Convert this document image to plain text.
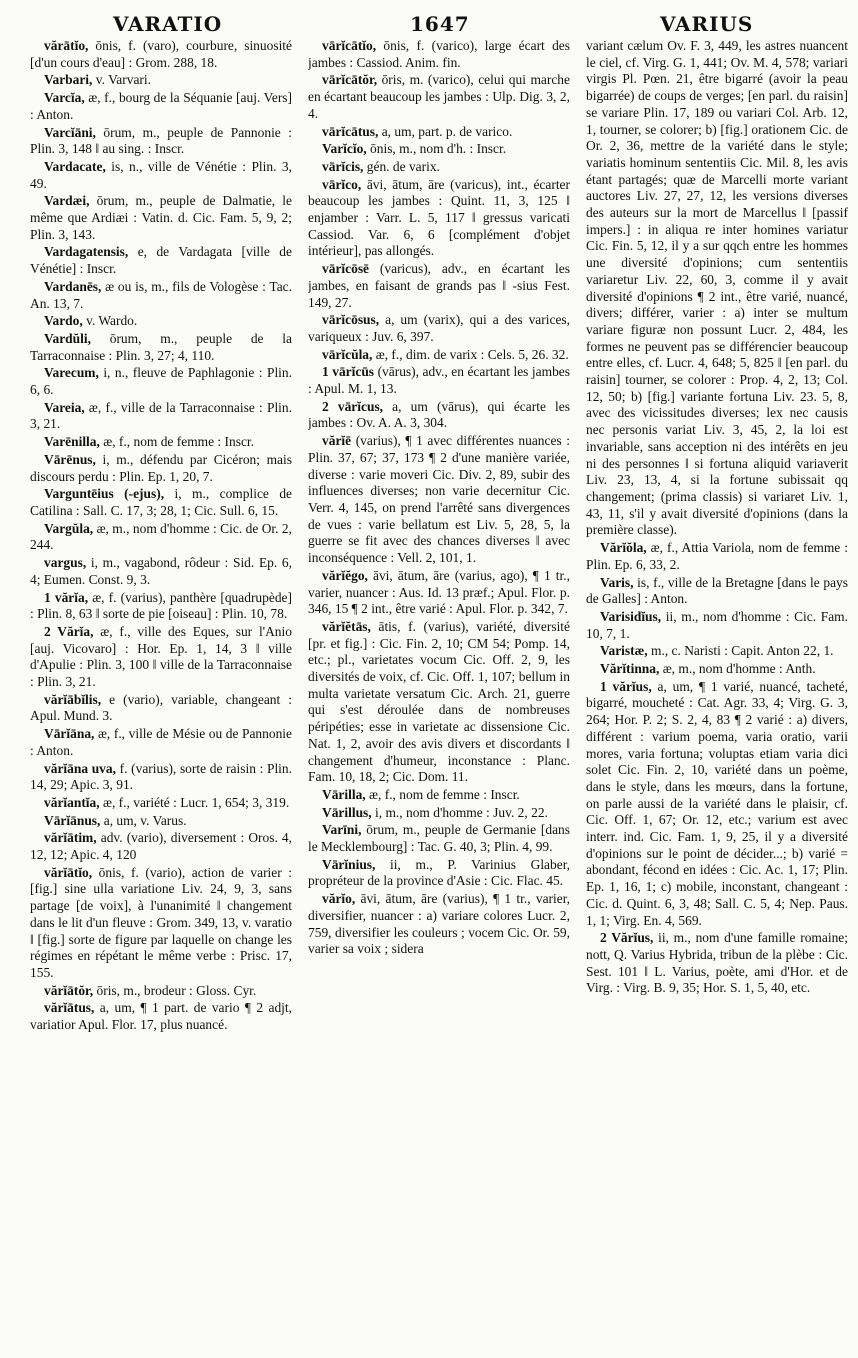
VARATIO	1647	VARIUS

vărātĭo, ōnis, f. (varo), courbure, sinuosité [d'un cours d'eau] : Grom. 288, 18.

Varbari, v. Varvari.

Varcĭa, æ, f., bourg de la Séquanie [auj. Vers] : Anton.

Varcĭāni, ōrum, m., peuple de Pannonie : Plin. 3, 148 ‖ au sing. : Inscr.

Vardacate, is, n., ville de Vénétie : Plin. 3, 49.

Vardæi, ōrum, m., peuple de Dalmatie, le même que Ardiæi : Vatin. d. Cic. Fam. 5, 9, 2; Plin. 3, 143.

Vardagatensis, e, de Vardagata [ville de Vénétie] : Inscr.

Vardanēs, æ ou is, m., fils de Vologèse : Tac. An. 13, 7.

Vardo, v. Wardo.

Vardŭli, ōrum, m., peuple de la Tarraconnaise : Plin. 3, 27; 4, 110.

Varecum, i, n., fleuve de Paphlagonie : Plin. 6, 6.

Vareia, æ, f., ville de la Tarraconnaise : Plin. 3, 21.

Varēnilla, æ, f., nom de femme : Inscr.

Vārēnus, i, m., défendu par Cicéron; mais discours perdu : Plin. Ep. 1, 20, 7.

Varguntēius (-ejus), i, m., complice de Catilina : Sall. C. 17, 3; 28, 1; Cic. Sull. 6, 15.

Vargŭla, æ, m., nom d'homme : Cic. de Or. 2, 244.

vargus, i, m., vagabond, rôdeur : Sid. Ep. 6, 4; Eumen. Const. 9, 3.

1 vărĭa, æ, f. (varius), panthère [quadrupède] : Plin. 8, 63 ‖ sorte de pie [oiseau] : Plin. 10, 78.

2 Vărĭa, æ, f., ville des Eques, sur l'Anio [auj. Vicovaro] : Hor. Ep. 1, 14, 3 ‖ ville d'Apulie : Plin. 3, 100 ‖ ville de la Tarraconnaise : Plin. 3, 21.

vărĭābĭlis, e (vario), variable, changeant : Apul. Mund. 3.

Vārĭāna, æ, f., ville de Mésie ou de Pannonie : Anton.

vărĭāna uva, f. (varius), sorte de raisin : Plin. 14, 29; Apic. 3, 91.

vărĭantĭa, æ, f., variété : Lucr. 1, 654; 3, 319.

Vārĭānus, a, um, v. Varus.

vărĭātim, adv. (vario), diversement : Oros. 4, 12, 12; Apic. 4, 120

vărĭātĭo, ōnis, f. (vario), action de varier : [fig.] sine ulla variatione Liv. 24, 9, 3, sans partage [de voix], à l'unanimité ‖ changement dans le lit d'un fleuve : Grom. 349, 13, v. varatio ‖ [fig.] sorte de figure par laquelle on change les régimes en répétant le même verbe : Prisc. 17, 155.

vărĭātŏr, ōris, m., brodeur : Gloss. Cyr.

vărĭātus, a, um, ¶ 1 part. de vario ¶ 2 adjt, variatior Apul. Flor. 17, plus nuancé.

vārĭcātĭo, ōnis, f. (varico), large écart des jambes : Cassiod. Anim. fin.

vārĭcātŏr, ōris, m. (varico), celui qui marche en écartant beaucoup les jambes : Ulp. Dig. 3, 2, 4.

vārĭcātus, a, um, part. p. de varico.

Varĭcĭo, ōnis, m., nom d'h. : Inscr.

vārĭcis, gén. de varix.

vārĭco, āvi, ātum, āre (varicus), int., écarter beaucoup les jambes : Quint. 11, 3, 125 ‖ enjamber : Varr. L. 5, 117 ‖ gressus varicati Cassiod. Var. 6, 6 [complément d'objet intérieur], pas allongés.

vārĭcōsē (varicus), adv., en écartant les jambes, en faisant de grands pas ‖ -sius Fest. 149, 27.

vārĭcōsus, a, um (varix), qui a des varices, variqueux : Juv. 6, 397.

vārĭcŭla, æ, f., dim. de varix : Cels. 5, 26. 32.

1 vārĭcūs (vārus), adv., en écartant les jambes : Apul. M. 1, 13.

2 vārĭcus, a, um (vārus), qui écarte les jambes : Ov. A. A. 3, 304.

vărĭē (varius), ¶ 1 avec différentes nuances : Plin. 37, 67; 37, 173 ¶ 2 d'une manière variée, diverse : varie moveri Cic. Div. 2, 89, subir des influences diverses; non varie decernitur Cic. Verr. 4, 145, on prend l'arrêté sans divergences de vues : varie bellatum est Liv. 5, 28, 5, la guerre se fit avec des chances diverses ‖ avec inconséquence : Vell. 2, 101, 1.

vărĭĕgo, āvi, ātum, āre (varius, ago), ¶ 1 tr., varier, nuancer : Aus. Id. 13 præf.; Apul. Flor. p. 346, 15 ¶ 2 int., être varié : Apul. Flor. p. 342, 7.

vărĭĕtās, ātis, f. (varius), variété, diversité [pr. et fig.] : Cic. Fin. 2, 10; CM 54; Pomp. 14, etc.; pl., varietates vocum Cic. Off. 2, 9, les diversités de voix, cf. Cic. Off. 1, 107; bellum in multa varietate versatum Cic. Arch. 21, guerre qui s'est déroulée dans de nombreuses péripéties; esse in varietate ac dissensione Cic. Nat. 1, 2, avoir des avis divers et discordants ‖ changement d'humeur, inconstance : Planc. Fam. 10, 18, 2; Cic. Dom. 11.

Vārilla, æ, f., nom de femme : Inscr.

Vārillus, i, m., nom d'homme : Juv. 2, 22.

Varīni, ōrum, m., peuple de Germanie [dans le Mecklembourg] : Tac. G. 40, 3; Plin. 4, 99.

Vārĭnius, ii, m., P. Varinius Glaber, propréteur de la province d'Asie : Cic. Flac. 45.

vărĭo, āvi, ātum, āre (varius), ¶ 1 tr., varier, diversifier, nuancer : a) variare colores Lucr. 2, 759, diversifier les couleurs ; vocem Cic. Or. 59, varier sa voix ; sidera

variant cælum Ov. F. 3, 449, les astres nuancent le ciel, cf. Virg. G. 1, 441; Ov. M. 4, 578; variari virgis Pl. Pœn. 21, être bigarré (avoir la peau bigarrée) de coups de verges; [en parl. du raisin] se variare Plin. 17, 189 ou variari Col. Arb. 12, 1, tourner, se colorer; b) [fig.] orationem Cic. de Or. 2, 36, mettre de la variété dans le style; variatis hominum sententiis Cic. Mil. 8, les avis étant partagés; quæ de Marcelli morte variant auctores Liv. 27, 27, 12, les versions diverses des auteurs sur la mort de Marcellus ‖ [passif impers.] : in aliqua re inter homines variatur Cic. Fin. 5, 12, il y a sur qqch entre les hommes une diversité d'opinions; cum sententiis variaretur Liv. 22, 60, 3, comme il y avait diversité d'opinions ¶ 2 int., être varié, nuancé, divers; différer, varier : a) inter se multum variare figuræ non possunt Lucr. 2, 484, les formes ne peuvent pas se différencier beaucoup entre elles, cf. Lucr. 4, 648; 5, 825 ‖ [en parl. du raisin] tourner, se colorer : Prop. 4, 2, 13; Col. 12, 50; b) [fig.] variante fortuna Liv. 23. 5, 8, avec des vicissitudes diverses; lex nec causis nec personis variat Liv. 3, 45, 2, la loi est invariable, sans acception ni des intérêts en jeu ni des personnes ‖ si fortuna aliquid variaverit Liv. 23, 13, 4, si la fortune subissait qq changement; (prima classis) si variaret Liv. 1, 43, 11, s'il y avait diversité d'opinions (dans la première classe).

Vărĭŏla, æ, f., Attia Variola, nom de femme : Plin. Ep. 6, 33, 2.

Varis, is, f., ville de la Bretagne [dans le pays de Galles] : Anton.

Varisidĭus, ii, m., nom d'homme : Cic. Fam. 10, 7, 1.

Varistæ, m., c. Naristi : Capit. Anton 22, 1.

Vărĭtinna, æ, m., nom d'homme : Anth.

1 vărĭus, a, um, ¶ 1 varié, nuancé, tacheté, bigarré, moucheté : Cat. Agr. 33, 4; Virg. G. 3, 264; Hor. P. 2; S. 2, 4, 83 ¶ 2 varié : a) divers, différent : varium poema, varia oratio, varii mores, varia fortuna; voluptas etiam varia dici solet Cic. Fin. 2, 10, variété dans un poème, dans le style, dans les mœurs, dans la fortune, on parle aussi de la variété dans le plaisir, cf. Cic. Off. 1, 67; Or. 12, etc.; varium est avec interr. ind. Cic. Fam. 1, 9, 25, il y a diversité d'opinions sur le point de décider...; b) varié = abondant, fécond en idées : Cic. Ac. 1, 17; Plin. Ep. 1, 16, 1; c) mobile, inconstant, changeant : Cic. d. Quint. 6, 3, 48; Sall. C. 5, 4; Nep. Paus. 1, 1; Virg. En. 4, 569.

2 Vărĭus, ii, m., nom d'une famille romaine; nott, Q. Varius Hybrida, tribun de la plèbe : Cic. Sest. 101 ‖ L. Varius, poète, ami d'Hor. et de Virg. : Virg. B. 9, 35; Hor. S. 1, 5, 40, etc.
